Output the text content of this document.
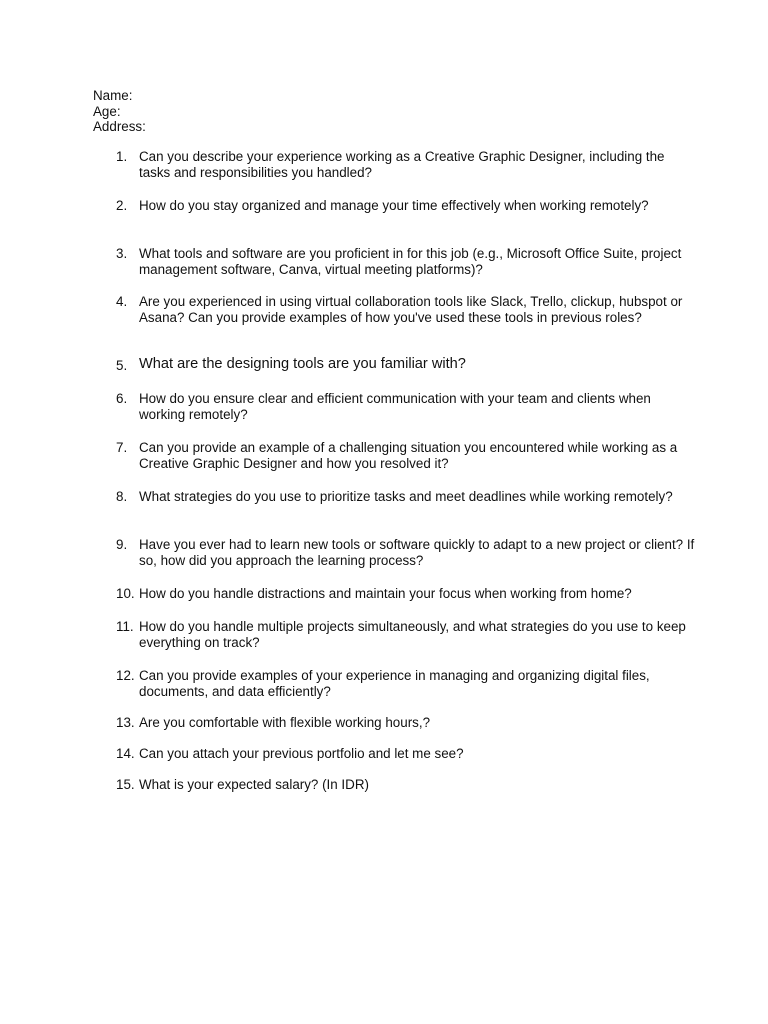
Name:
Age:
Address:
1. Can you describe your experience working as a Creative Graphic Designer, including the tasks and responsibilities you handled?
2. How do you stay organized and manage your time effectively when working remotely?
3. What tools and software are you proficient in for this job (e.g., Microsoft Office Suite, project management software, Canva, virtual meeting platforms)?
4. Are you experienced in using virtual collaboration tools like Slack, Trello, clickup, hubspot or Asana? Can you provide examples of how you've used these tools in previous roles?
5. What are the designing tools are you familiar with?
6. How do you ensure clear and efficient communication with your team and clients when working remotely?
7. Can you provide an example of a challenging situation you encountered while working as a Creative Graphic Designer and how you resolved it?
8. What strategies do you use to prioritize tasks and meet deadlines while working remotely?
9. Have you ever had to learn new tools or software quickly to adapt to a new project or client? If so, how did you approach the learning process?
10. How do you handle distractions and maintain your focus when working from home?
11. How do you handle multiple projects simultaneously, and what strategies do you use to keep everything on track?
12. Can you provide examples of your experience in managing and organizing digital files, documents, and data efficiently?
13. Are you comfortable with flexible working hours,?
14. Can you attach your previous portfolio and let me see?
15. What is your expected salary? (In IDR)
